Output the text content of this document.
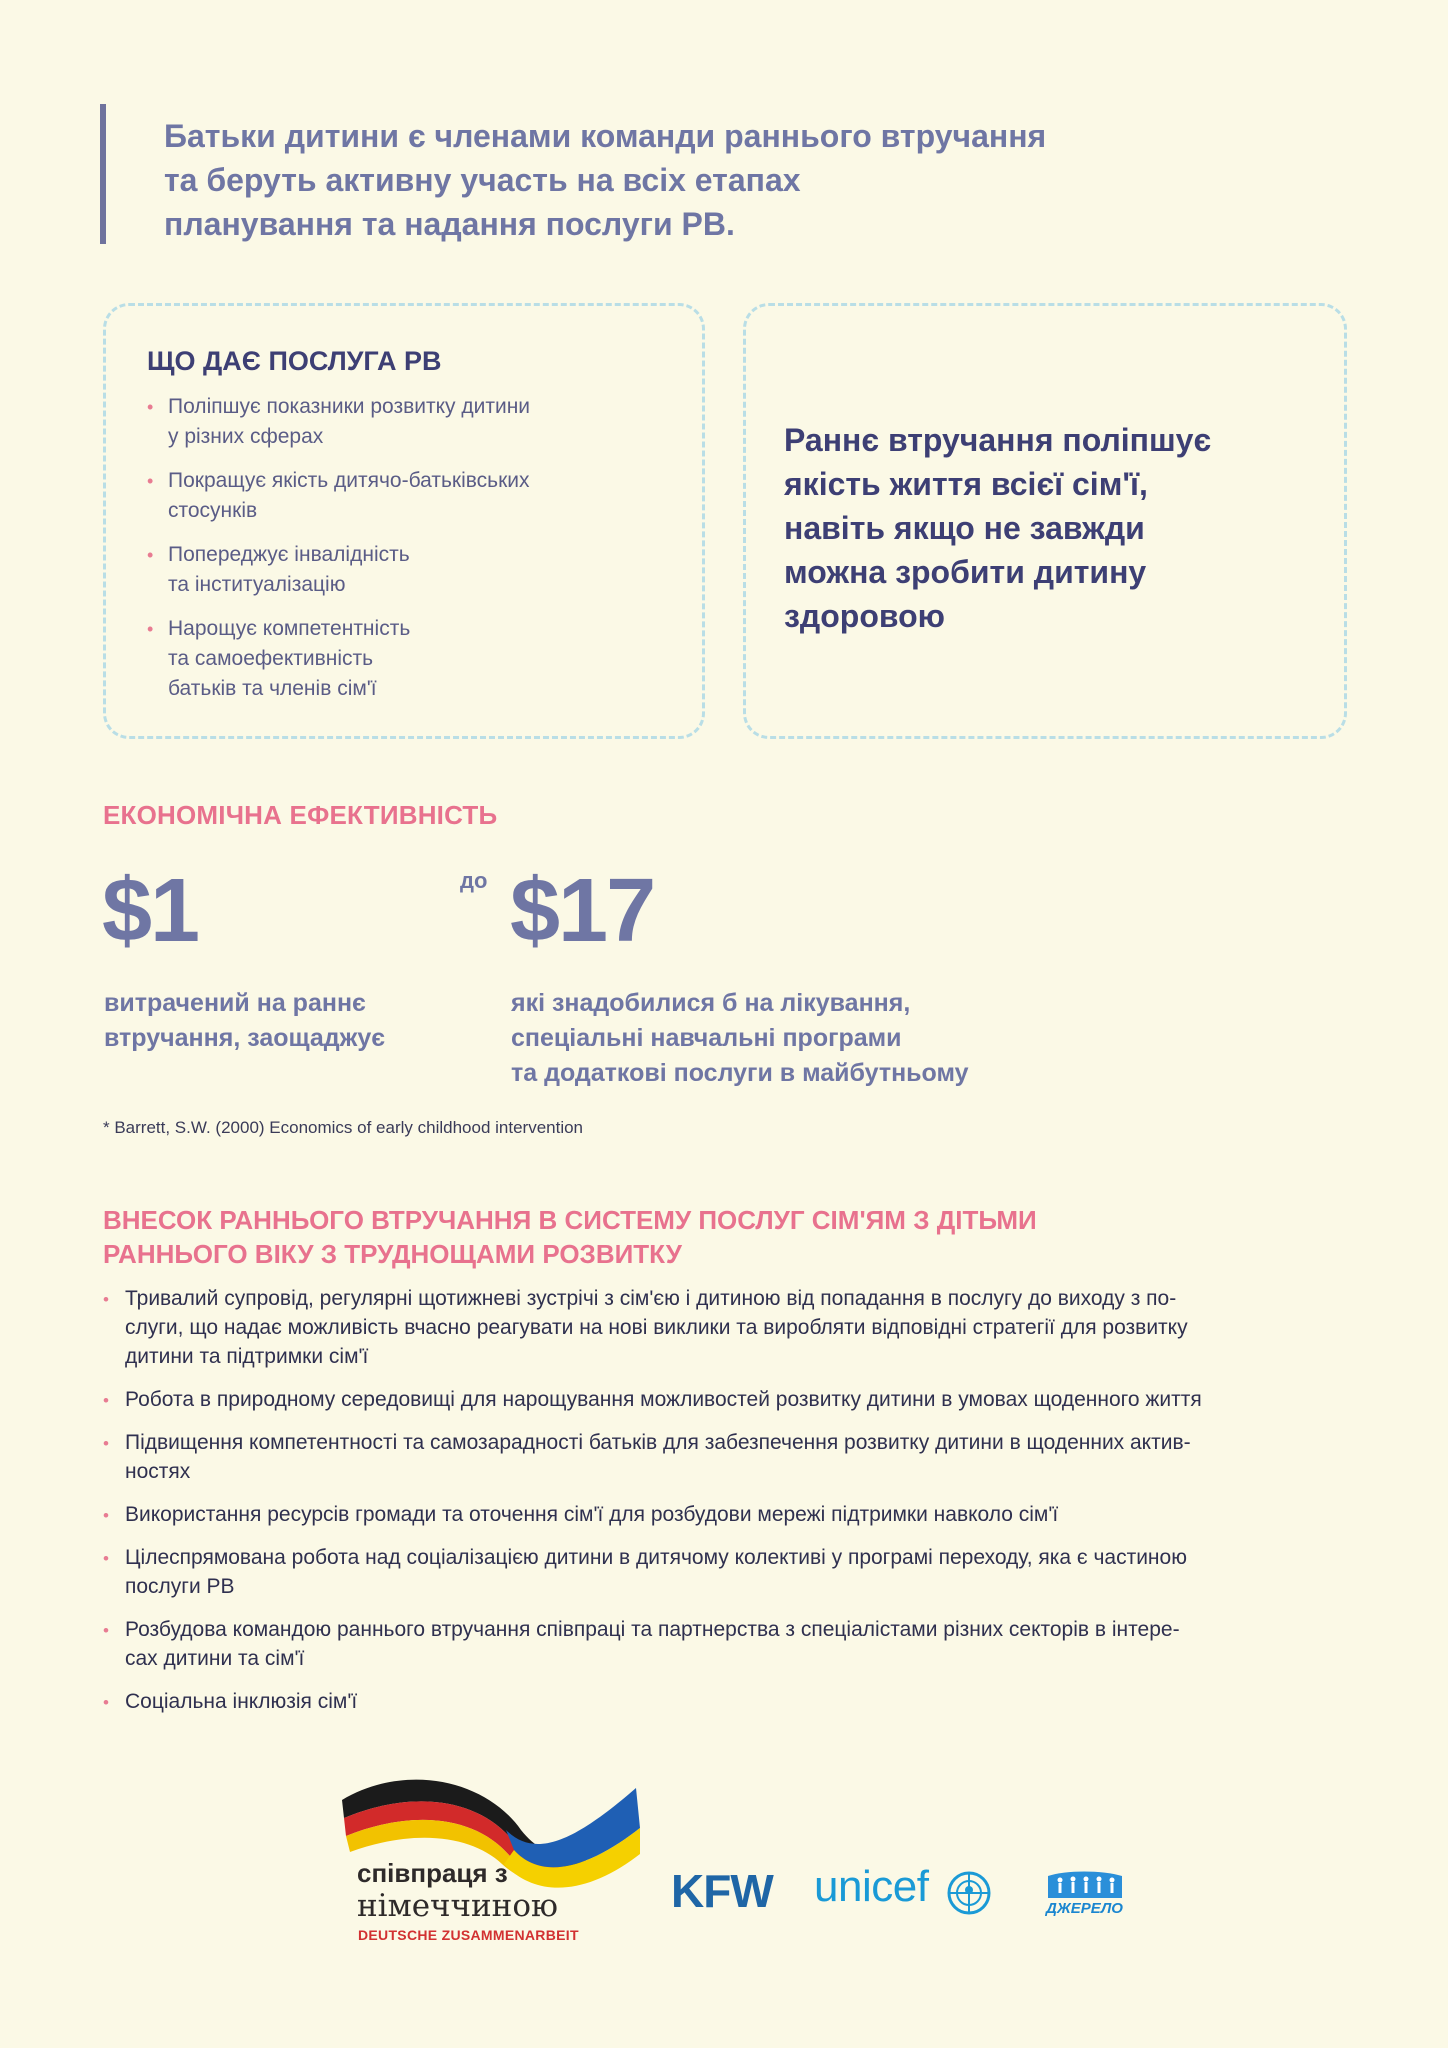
Батьки дитини є членами команди раннього втручання
та беруть активну участь на всіх етапах
планування та надання послуги РВ.
ЩО ДАЄ ПОСЛУГА РВ
• Поліпшує показники розвитку дитини
у різних сферах
• Покращує якість дитячо-батьківських
стосунків
• Попереджує інвалідність
та інституалізацію
• Нарощує компетентність
та самоефективність
батьків та членів сім'ї
Раннє втручання поліпшує
якість життя всієї сім'ї,
навіть якщо не завжди
можна зробити дитину
здоровою
ЕКОНОМІЧНА ЕФЕКТИВНІСТЬ
$1	до $17
витрачений на раннє
втручання, заощаджує
які знадобилися б на лікування,
спеціальні навчальні програми
та додаткові послуги в майбутньому
* Barrett, S.W. (2000) Economics of early childhood intervention
ВНЕСОК РАННЬОГО ВТРУЧАННЯ В СИСТЕМУ ПОСЛУГ СІМ'ЯМ З ДІТЬМИ
РАННЬОГО ВІКУ З ТРУДНОЩАМИ РОЗВИТКУ
• Тривалий супровід, регулярні щотижневі зустрічі з сім'єю і дитиною від попадання в послугу до виходу з по-
слуги, що надає можливість вчасно реагувати на нові виклики та виробляти відповідні стратегії для розвитку
дитини та підтримки сім'ї
• Робота в природному середовищі для нарощування можливостей розвитку дитини в умовах щоденного життя
• Підвищення компетентності та самозарадності батьків для забезпечення розвитку дитини в щоденних актив-
ностях
• Використання ресурсів громади та оточення сім'ї для розбудови мережі підтримки навколо сім'ї
• Цілеспрямована робота над соціалізацією дитини в дитячому колективі у програмі переходу, яка є частиною
послуги РВ
• Розбудова командою раннього втручання співпраці та партнерства з спеціалістами різних секторів в інтере-
сах дитини та сім'ї
• Соціальна інклюзія сім'ї
співпраця з
німеччиною
DEUTSCHE ZUSAMMENARBEIT
KFW unicef	ДЖЕРЕЛО
